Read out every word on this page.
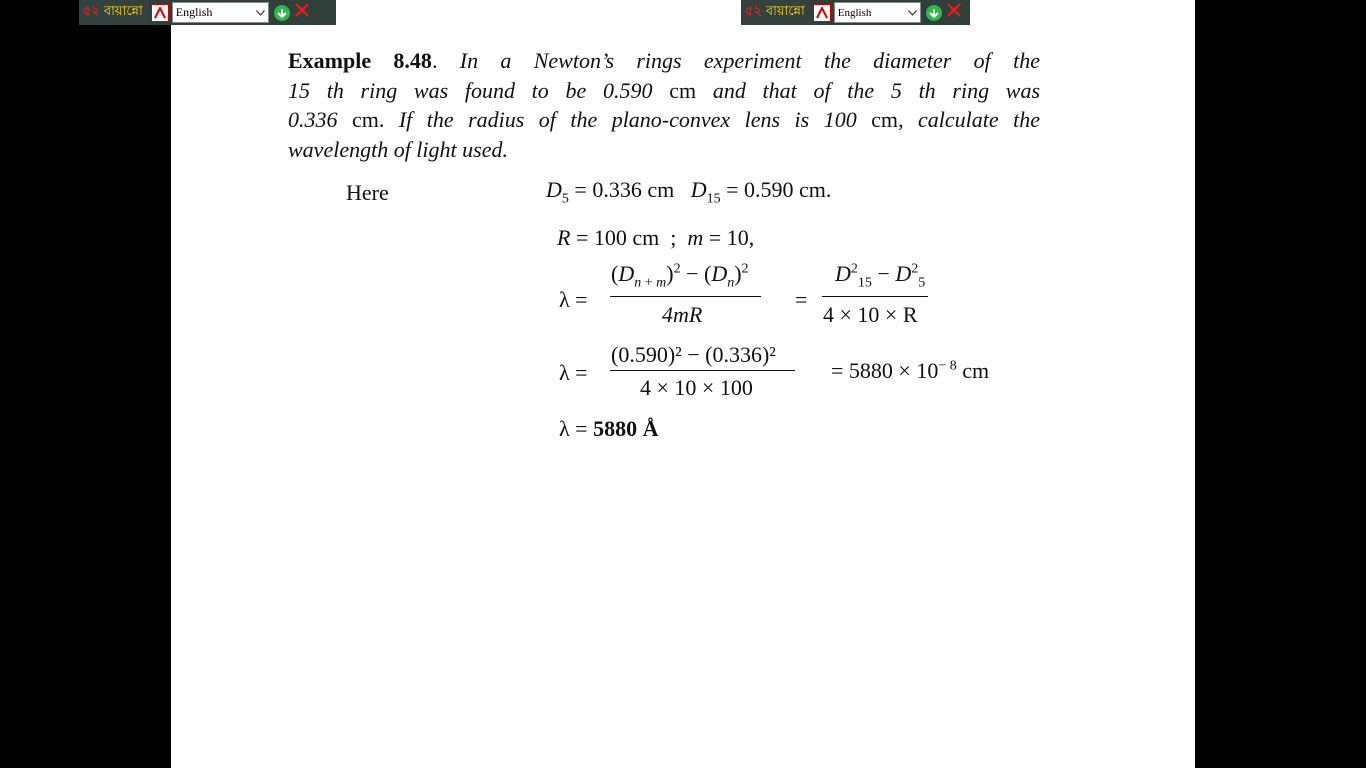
৫২ বায়ান্নো	English	৫২ বায়ান্নো	English
Example 8.48. In a Newton’s rings experiment the diameter of the
15 th ring was found to be 0.590 cm and that of the 5 th ring was
0.336 cm. If the radius of the plano-convex lens is 100 cm, calculate the
wavelength of light used.
Here	$D_5 = 0.336$ cm $D_{15} = 0.590$ cm.
R = 100 cm  ;  m = 10,
λ =
$(D_{n + m})^2 - (D_n)^2$
4mR
=
$D^2_{15} - D^2_5$
4 × 10 × R
λ =
(0.590)² − (0.336)²
4 × 10 × 100
= $5880 \times 10^{- 8}$ cm
λ = 5880 Å
